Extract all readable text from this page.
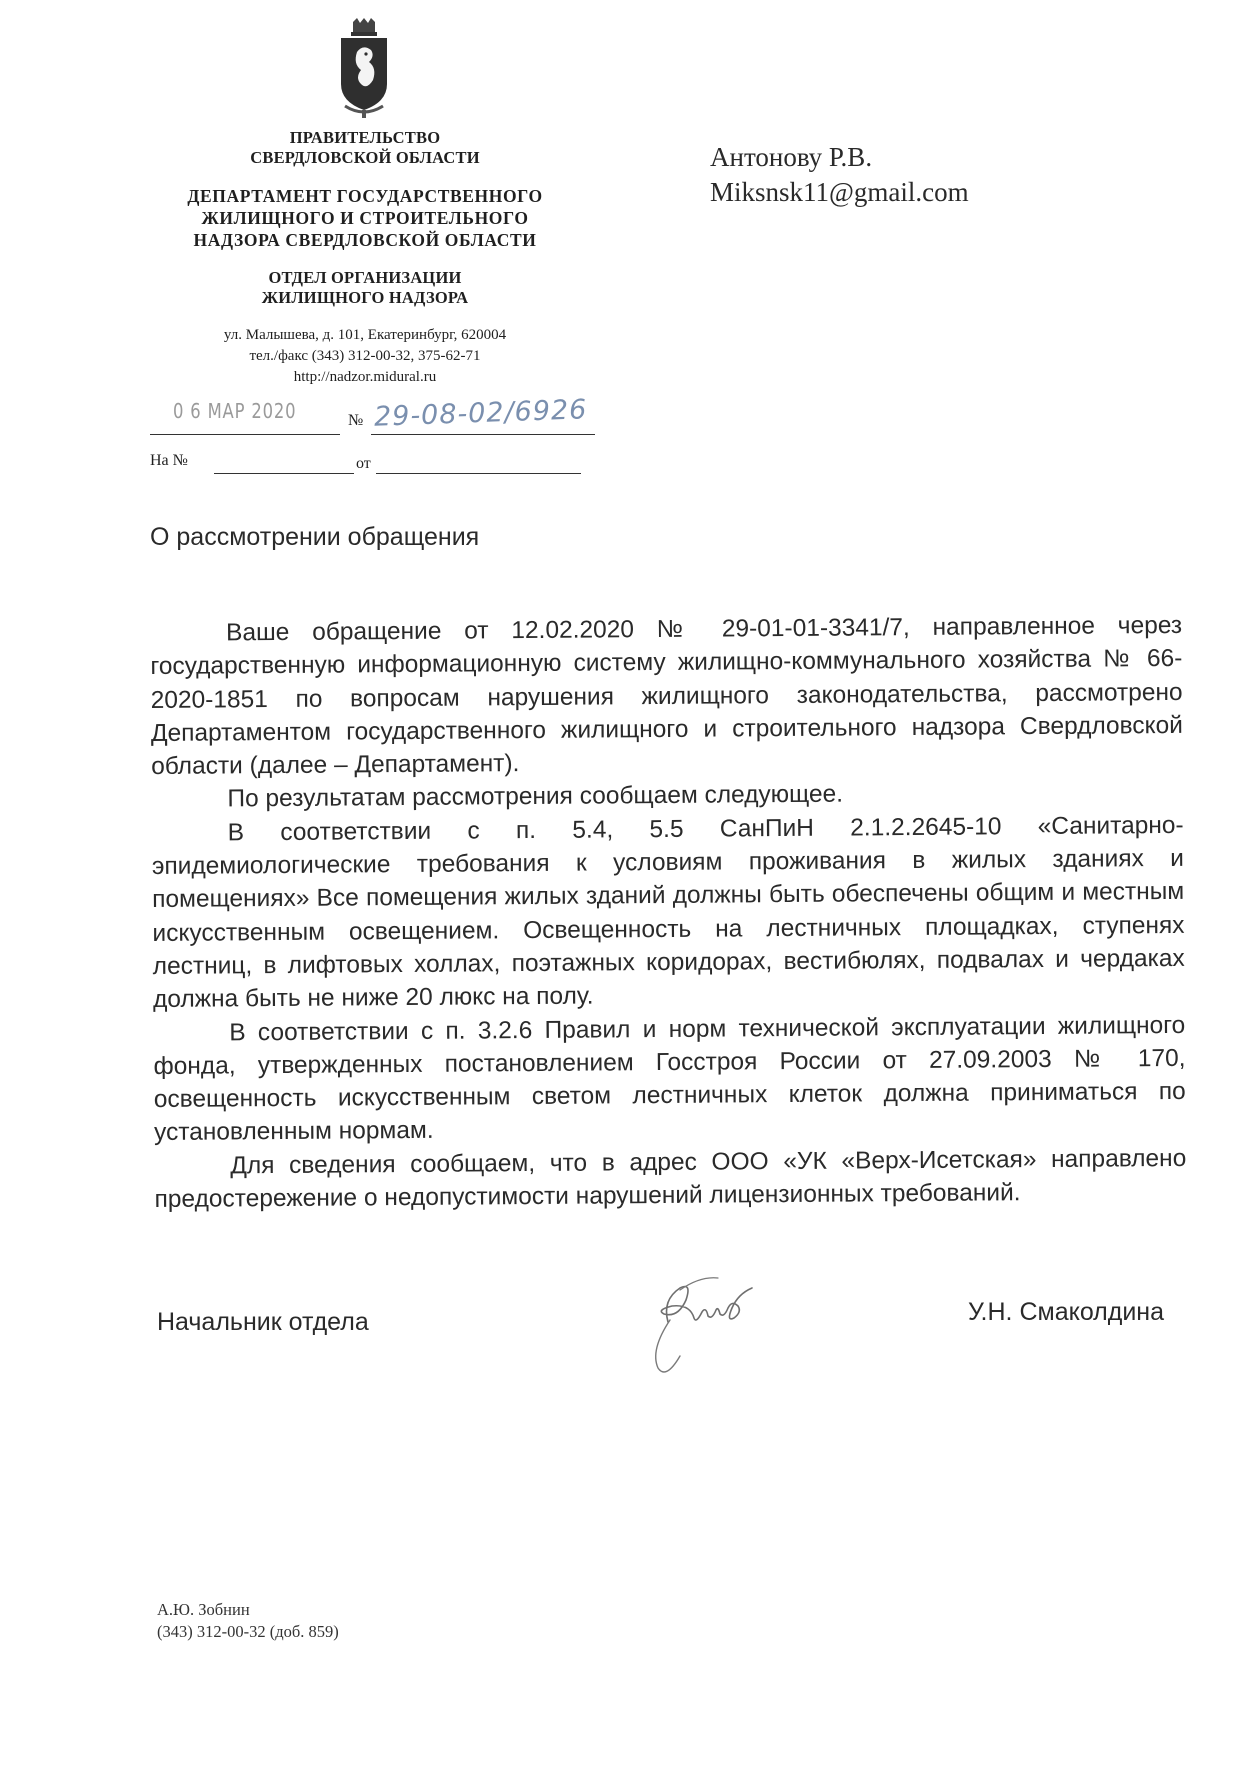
ПРАВИТЕЛЬСТВО
СВЕРДЛОВСКОЙ ОБЛАСТИ
ДЕПАРТАМЕНТ ГОСУДАРСТВЕННОГО
ЖИЛИЩНОГО И СТРОИТЕЛЬНОГО
НАДЗОРА СВЕРДЛОВСКОЙ ОБЛАСТИ
ОТДЕЛ ОРГАНИЗАЦИИ
ЖИЛИЩНОГО НАДЗОРА
ул. Малышева, д. 101, Екатеринбург, 620004
тел./факс (343) 312-00-32, 375-62-71
http://nadzor.midural.ru
0 6 МАР 2020	№ 29-08-02/6926
На №	от
Антонову Р.В.
Miksnsk11@gmail.com
О рассмотрении обращения

Ваше обращение от 12.02.2020 № 29-01-01-3341/7, направленное через государственную информационную систему жилищно-коммунального хозяйства № 66-2020-1851 по вопросам нарушения жилищного законодательства, рассмотрено Департаментом государственного жилищного и строительного надзора Свердловской области (далее – Департамент).

По результатам рассмотрения сообщаем следующее.

В соответствии с п. 5.4, 5.5 СанПиН 2.1.2.2645-10 «Санитарно-эпидемиологические требования к условиям проживания в жилых зданиях и помещениях» Все помещения жилых зданий должны быть обеспечены общим и местным искусственным освещением. Освещенность на лестничных площадках, ступенях лестниц, в лифтовых холлах, поэтажных коридорах, вестибюлях, подвалах и чердаках должна быть не ниже 20 люкс на полу.

В соответствии с п. 3.2.6 Правил и норм технической эксплуатации жилищного фонда, утвержденных постановлением Госстроя России от 27.09.2003 № 170, освещенность искусственным светом лестничных клеток должна приниматься по установленным нормам.

Для сведения сообщаем, что в адрес ООО «УК «Верх-Исетская» направлено предостережение о недопустимости нарушений лицензионных требований.

Начальник отдела	У.Н. Смаколдина
А.Ю. Зобнин
(343) 312-00-32 (доб. 859)
